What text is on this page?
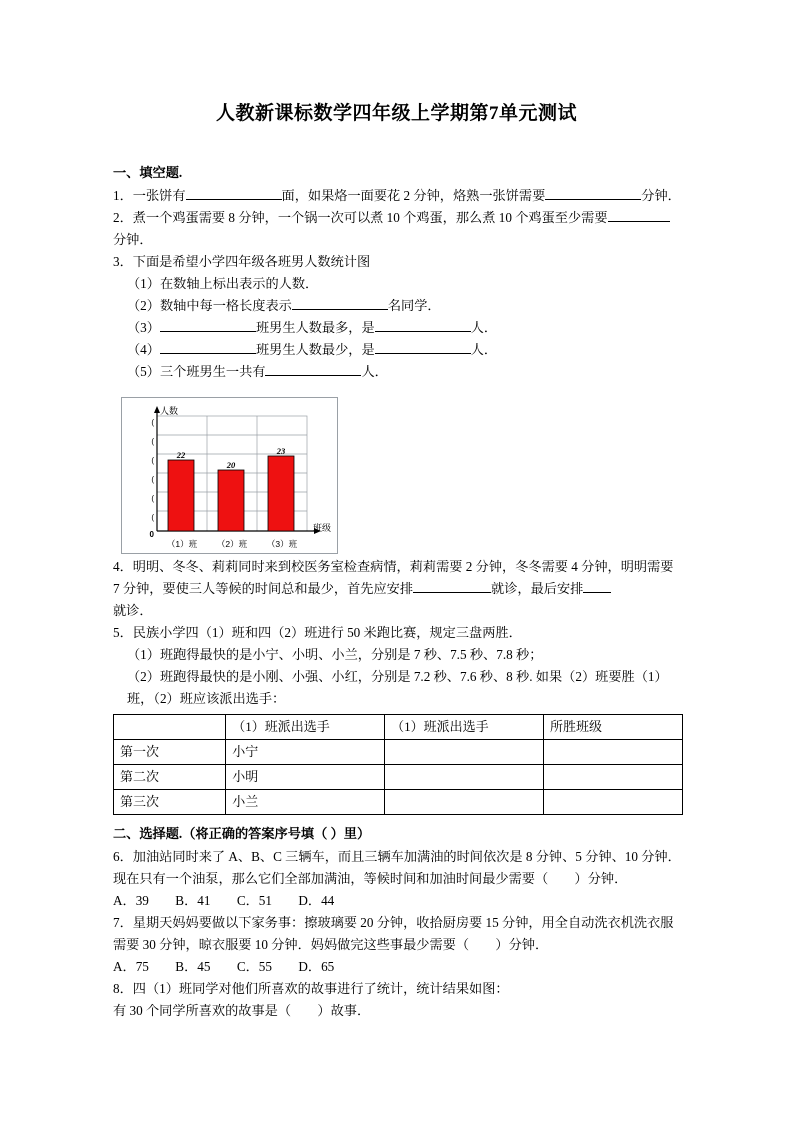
人教新课标数学四年级上学期第7单元测试
一、填空题.
1．一张饼有	面，如果烙一面要花 2 分钟，烙熟一张饼需要	分钟．
2．煮一个鸡蛋需要 8 分钟，一个锅一次可以煮 10 个鸡蛋，那么煮 10 个鸡蛋至少需要
分钟．
3．下面是希望小学四年级各班男人数统计图
（1）在数轴上标出表示的人数．
（2）数轴中每一格长度表示	名同学．
（3）	班男生人数最多，是	人．
（4）	班男生人数最少，是	人．
（5）三个班男生一共有	人．
人数
班级
22
20
23
（1）班	（2）班	（3）班
(
(
(
(
(
(
0
4．明明、冬冬、莉莉同时来到校医务室检查病情，莉莉需要 2 分钟，冬冬需要 4 分钟，明明需要 7 分钟，要使三人等候的时间总和最少，首先应安排	就诊，最后安排
就诊．
5．民族小学四（1）班和四（2）班进行 50 米跑比赛，规定三盘两胜．
（1）班跑得最快的是小宁、小明、小兰，分别是 7 秒、7.5 秒、7.8 秒；
（2）班跑得最快的是小刚、小强、小红，分别是 7.2 秒、7.6 秒、8 秒. 如果（2）班要胜（1）班，（2）班应该派出选手：
	（1）班派出选手	（1）班派出选手	所胜班级
第一次	小宁		
第二次	小明		
第三次	小兰		
二、选择题.（将正确的答案序号填（ ）里）
6．加油站同时来了 A、B、C 三辆车，而且三辆车加满油的时间依次是 8 分钟、5 分钟、10 分钟．现在只有一个油泵，那么它们全部加满油，等候时间和加油时间最少需要（　　）分钟．
A．39　　B．41　　C．51　　D．44
7．星期天妈妈要做以下家务事：擦玻璃要 20 分钟，收拾厨房要 15 分钟，用全自动洗衣机洗衣服需要 30 分钟，晾衣服要 10 分钟．妈妈做完这些事最少需要（　　）分钟．
A．75　　B．45　　C．55　　D．65
8．四（1）班同学对他们所喜欢的故事进行了统计，统计结果如图：
有 30 个同学所喜欢的故事是（　　）故事．
